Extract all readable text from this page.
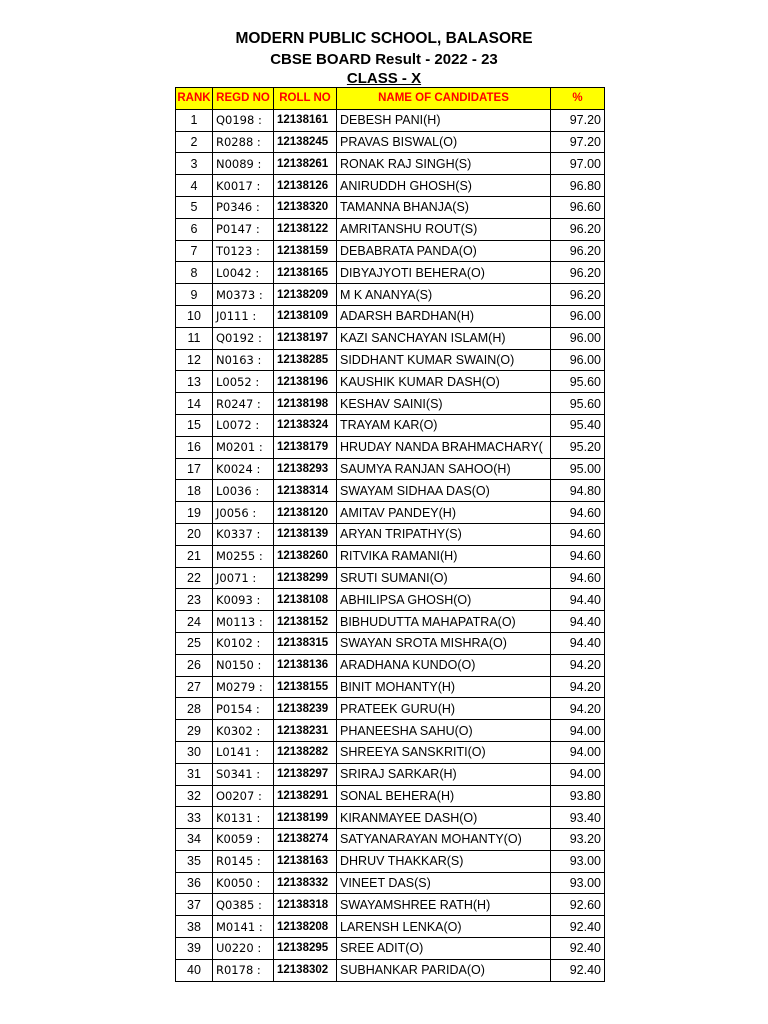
MODERN PUBLIC SCHOOL, BALASORE
CBSE BOARD Result - 2022 - 23
CLASS - X
RANK	REGD NO	ROLL NO	NAME OF CANDIDATES	%
1	Q0198 :	12138161	DEBESH PANI(H)	97.20
2	R0288 :	12138245	PRAVAS BISWAL(O)	97.20
3	N0089 :	12138261	RONAK RAJ SINGH(S)	97.00
4	K0017 :	12138126	ANIRUDDH GHOSH(S)	96.80
5	P0346 :	12138320	TAMANNA BHANJA(S)	96.60
6	P0147 :	12138122	AMRITANSHU ROUT(S)	96.20
7	T0123 :	12138159	DEBABRATA PANDA(O)	96.20
8	L0042 :	12138165	DIBYAJYOTI BEHERA(O)	96.20
9	M0373 :	12138209	M K ANANYA(S)	96.20
10	J0111 :	12138109	ADARSH BARDHAN(H)	96.00
11	Q0192 :	12138197	KAZI SANCHAYAN ISLAM(H)	96.00
12	N0163 :	12138285	SIDDHANT KUMAR SWAIN(O)	96.00
13	L0052 :	12138196	KAUSHIK KUMAR DASH(O)	95.60
14	R0247 :	12138198	KESHAV SAINI(S)	95.60
15	L0072 :	12138324	TRAYAM KAR(O)	95.40
16	M0201 :	12138179	HRUDAY NANDA BRAHMACHARY(	95.20
17	K0024 :	12138293	SAUMYA RANJAN SAHOO(H)	95.00
18	L0036 :	12138314	SWAYAM SIDHAA DAS(O)	94.80
19	J0056 :	12138120	AMITAV PANDEY(H)	94.60
20	K0337 :	12138139	ARYAN TRIPATHY(S)	94.60
21	M0255 :	12138260	RITVIKA RAMANI(H)	94.60
22	J0071 :	12138299	SRUTI SUMANI(O)	94.60
23	K0093 :	12138108	ABHILIPSA GHOSH(O)	94.40
24	M0113 :	12138152	BIBHUDUTTA MAHAPATRA(O)	94.40
25	K0102 :	12138315	SWAYAN SROTA MISHRA(O)	94.40
26	N0150 :	12138136	ARADHANA KUNDO(O)	94.20
27	M0279 :	12138155	BINIT MOHANTY(H)	94.20
28	P0154 :	12138239	PRATEEK GURU(H)	94.20
29	K0302 :	12138231	PHANEESHA SAHU(O)	94.00
30	L0141 :	12138282	SHREEYA SANSKRITI(O)	94.00
31	S0341 :	12138297	SRIRAJ SARKAR(H)	94.00
32	O0207 :	12138291	SONAL BEHERA(H)	93.80
33	K0131 :	12138199	KIRANMAYEE DASH(O)	93.40
34	K0059 :	12138274	SATYANARAYAN MOHANTY(O)	93.20
35	R0145 :	12138163	DHRUV THAKKAR(S)	93.00
36	K0050 :	12138332	VINEET DAS(S)	93.00
37	Q0385 :	12138318	SWAYAMSHREE RATH(H)	92.60
38	M0141 :	12138208	LARENSH LENKA(O)	92.40
39	U0220 :	12138295	SREE ADIT(O)	92.40
40	R0178 :	12138302	SUBHANKAR PARIDA(O)	92.40
